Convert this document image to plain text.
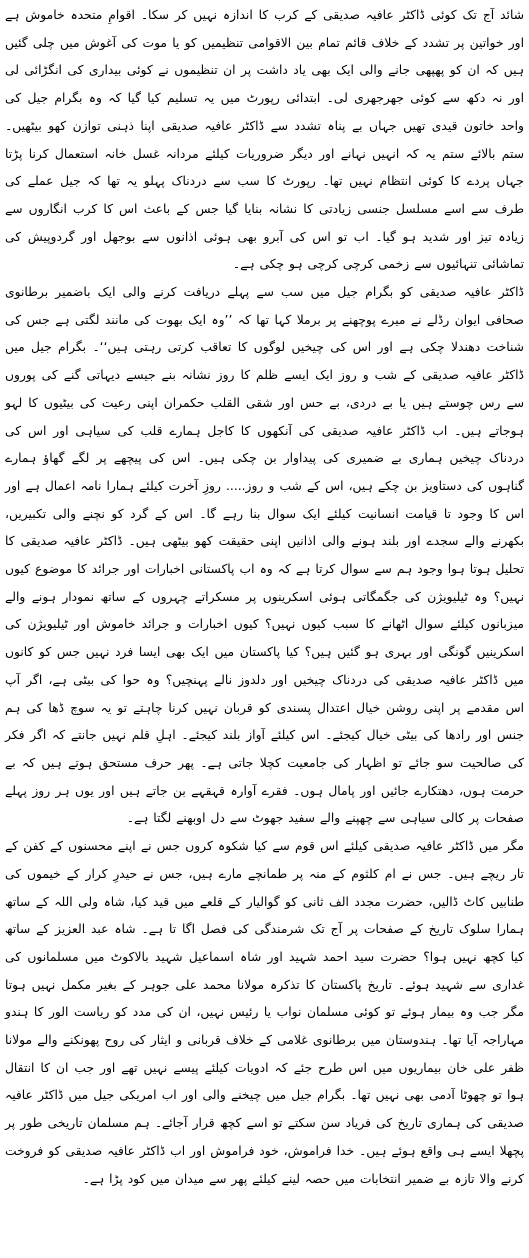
شائد آج تک کوئی ڈاکٹر عافیہ صدیقی کے کرب کا اندازہ نہیں کر سکا۔ اقوامِ متحدہ خاموش ہے اور خواتین پر تشدد کے خلاف قائم تمام بین الاقوامی تنظیمیں کو یا موت کی آغوش میں چلی گئیں ہیں کہ ان کو پھپھی جانے والی ایک بھی یاد داشت پر ان تنظیموں نے کوئی بیداری کی انگڑائی لی اور نہ دکھ سے کوئی جھرجھری لی۔ ابتدائی رپورٹ میں یہ تسلیم کیا گیا کہ وہ بگرام جیل کی واحد خاتون قیدی تھیں جہاں بے پناہ تشدد سے ڈاکٹر عافیہ صدیقی اپنا ذہنی توازن کھو بیٹھیں۔ ستم بالائے ستم یہ کہ انہیں نہانے اور دیگر ضروریات کیلئے مردانہ غسل خانہ استعمال کرنا پڑتا جہاں پردے کا کوئی انتظام نہیں تھا۔ رپورٹ کا سب سے دردناک پہلو یہ تھا کہ جیل عملے کی طرف سے اسے مسلسل جنسی زیادتی کا نشانہ بنایا گیا جس کے باعث اس کا کرب انگاروں سے زیادہ تیز اور شدید ہو گیا۔ اب تو اس کی آبرو بھی ہوئی اذانوں سے بوجھل اور گردوپیش کی تماشائی تنہائیوں سے زخمی کرچی کرچی ہو چکی ہے۔

ڈاکٹر عافیہ صدیقی کو بگرام جیل میں سب سے پہلے دریافت کرنے والی ایک باضمیر برطانوی صحافی ایوان رڈلے نے میرے پوچھنے پر برملا کہا تھا کہ ’’وہ ایک بھوت کی مانند لگتی ہے جس کی شناخت دھندلا چکی ہے اور اس کی چیخیں لوگوں کا تعاقب کرتی رہتی ہیں‘‘۔ بگرام جیل میں ڈاکٹر عافیہ صدیقی کے شب و روز ایک ایسے ظلم کا روز نشانہ بنے جیسے دیہاتی گنے کی پوروں سے رس چوستے ہیں یا بے دردی، بے حس اور شقی القلب حکمران اپنی رعیت کی بیٹیوں کا لہو ہوجاتے ہیں۔ اب ڈاکٹر عافیہ صدیقی کی آنکھوں کا کاجل ہمارے قلب کی سیاہی اور اس کی دردناک چیخیں ہماری بے ضمیری کی پیداوار بن چکی ہیں۔ اس کی پیچھے پر لگے گھاؤ ہمارے گناہوں کی دستاویز بن چکے ہیں، اس کے شب و روز..... روزِ آخرت کیلئے ہمارا نامہ اعمال ہے اور اس کا وجود تا قیامت انسانیت کیلئے ایک سوال بنا رہے گا۔ اس کے گرد کو نچنے والی تکبیریں، بکھرنے والے سجدے اور بلند ہونے والی اذانیں اپنی حقیقت کھو بیٹھی ہیں۔ ڈاکٹر عافیہ صدیقی کا تحلیل ہوتا ہوا وجود ہم سے سوال کرتا ہے کہ وہ اب پاکستانی اخبارات اور جرائد کا موضوع کیوں نہیں؟ وہ ٹیلیویژن کی جگمگاتی ہوئی اسکرینوں پر مسکراتے چہروں کے ساتھ نمودار ہونے والے میزبانوں کیلئے سوال اٹھانے کا سبب کیوں نہیں؟ کیوں اخبارات و جرائد خاموش اور ٹیلیویژن کی اسکرینیں گونگی اور بہری ہو گئیں ہیں؟ کیا پاکستان میں ایک بھی ایسا فرد نہیں جس کو کانوں میں ڈاکٹر عافیہ صدیقی کی دردناک چیخیں اور دلدوز نالے پہنچیں؟ وہ حوا کی بیٹی ہے، اگر آپ اس مقدمے پر اپنی روشن خیال اعتدال پسندی کو قربان نہیں کرنا چاہتے تو یہ سوچ ڈھا کی ہم جنس اور رادھا کی بیٹی خیال کیجئے۔ اس کیلئے آواز بلند کیجئے۔ اہلِ قلم نہیں جانتے کہ اگر فکر کی صالحیت سو جائے تو اظہار کی جامعیت کچلا جاتی ہے۔ پھر حرف مستحق ہوتے ہیں کہ بے حرمت ہوں، دھتکارے جائیں اور پامال ہوں۔ فقرے آوارہ قہقہے بن جاتے ہیں اور یوں ہر روز پہلے صفحات پر کالی سیاہی سے چھپنے والے سفید جھوٹ سے دل اوبھنے لگتا ہے۔

مگر میں ڈاکٹر عافیہ صدیقی کیلئے اس قوم سے کیا شکوہ کروں جس نے اپنے محسنوں کے کفن کے تار ریچے ہیں۔ جس نے ام کلثوم کے منہ پر طمانچے مارے ہیں، جس نے حیدرِ کرار کے خیموں کی طنابیں کاٹ ڈالیں، حضرت مجدد الف ثانی کو گوالیار کے قلعے میں قید کیا، شاہ ولی اللہ کے ساتھ ہمارا سلوک تاریخ کے صفحات پر آج تک شرمندگی کی فصل اگا تا ہے۔ شاہ عبد العزیز کے ساتھ کیا کچھ نہیں ہوا؟ حضرت سید احمد شہید اور شاہ اسماعیل شہید بالاکوٹ میں مسلمانوں کی غداری سے شہید ہوئے۔ تاریخ پاکستان کا تذکرہ مولانا محمد علی جوہر کے بغیر مکمل نہیں ہوتا مگر جب وہ بیمار ہوئے تو کوئی مسلمان نواب یا رئیس نہیں، ان کی مدد کو ریاست الور کا ہندو مہاراجہ آیا تھا۔ ہندوستان میں برطانوی غلامی کے خلاف قربانی و ایثار کی روح پھونکنے والے مولانا ظفر علی خان بیماریوں میں اس طرح جئے کہ ادویات کیلئے پیسے نہیں تھے اور جب ان کا انتقال ہوا تو چھوٹا آدمی بھی نہیں تھا۔ بگرام جیل میں چیخنے والی اور اب امریکی جیل میں ڈاکٹر عافیہ صدیقی کی ہماری تاریخ کی فریاد سن سکتے تو اسے کچھ قرار آجائے۔ ہم مسلمان تاریخی طور پر پچھلا ایسے ہی واقع ہوئے ہیں۔ خدا فراموش، خود فراموش اور اب ڈاکٹر عافیہ صدیقی کو فروخت کرنے والا تازہ بے ضمیر انتخابات میں حصہ لینے کیلئے پھر سے میدان میں کود پڑا ہے۔
